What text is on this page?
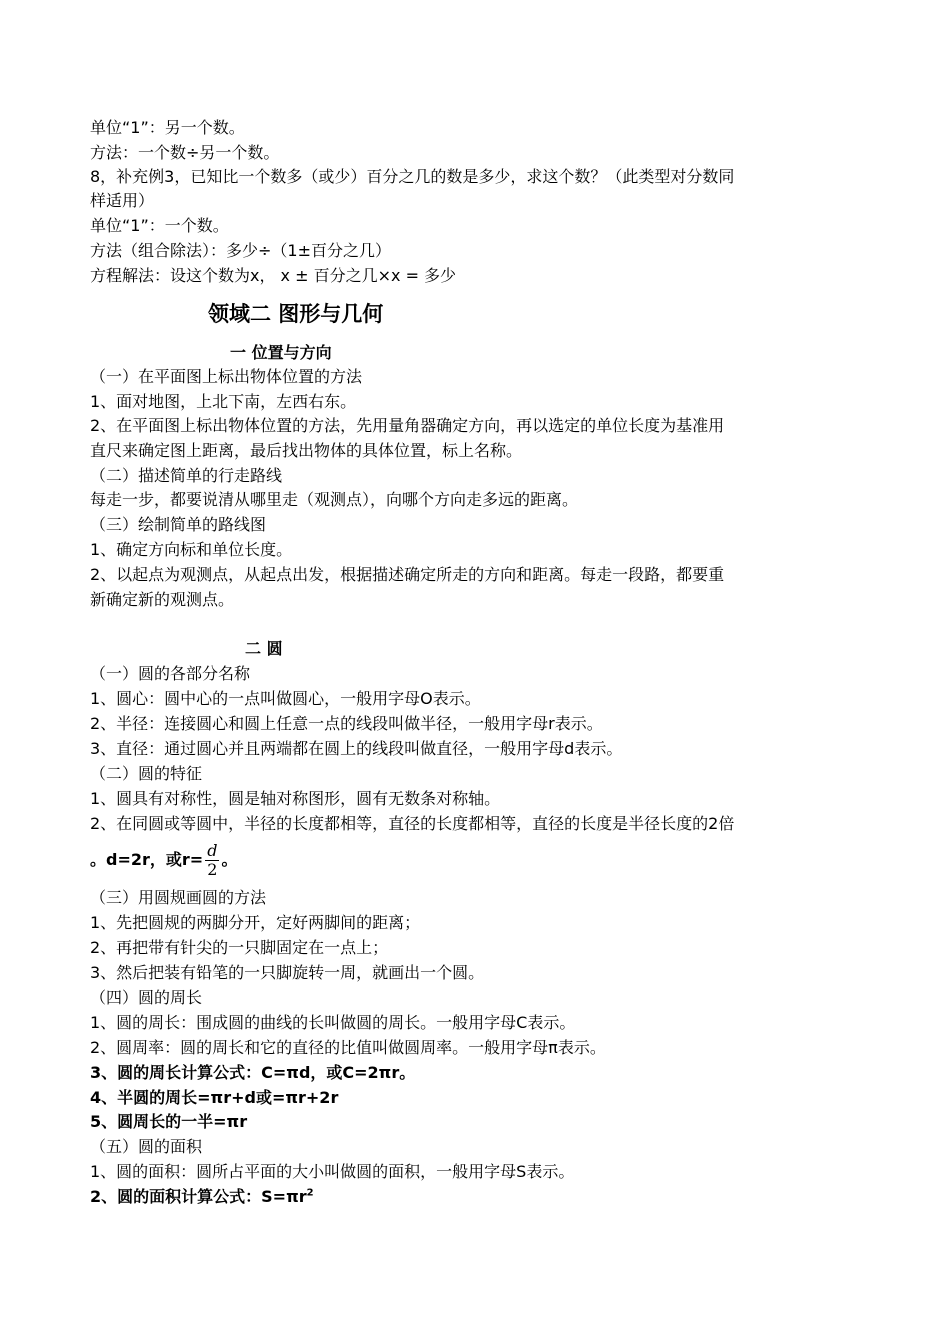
单位“1”：另一个数。
方法：一个数÷另一个数。
8，补充例3，已知比一个数多（或少）百分之几的数是多少，求这个数？（此类型对分数同
样适用）
单位“1”：一个数。
方法（组合除法）：多少÷（1±百分之几）
方程解法：设这个数为x， x ± 百分之几×x = 多少
领域二 图形与几何
一 位置与方向
（一）在平面图上标出物体位置的方法
1、面对地图，上北下南，左西右东。
2、在平面图上标出物体位置的方法，先用量角器确定方向，再以选定的单位长度为基准用
直尺来确定图上距离，最后找出物体的具体位置，标上名称。
（二）描述简单的行走路线
每走一步，都要说清从哪里走（观测点），向哪个方向走多远的距离。
（三）绘制简单的路线图
1、确定方向标和单位长度。
2、以起点为观测点，从起点出发，根据描述确定所走的方向和距离。每走一段路，都要重
新确定新的观测点。
二 圆
（一）圆的各部分名称
1、圆心：圆中心的一点叫做圆心，一般用字母O表示。
2、半径：连接圆心和圆上任意一点的线段叫做半径，一般用字母r表示。
3、直径：通过圆心并且两端都在圆上的线段叫做直径，一般用字母d表示。
（二）圆的特征
1、圆具有对称性，圆是轴对称图形，圆有无数条对称轴。
2、在同圆或等圆中，半径的长度都相等，直径的长度都相等，直径的长度是半径长度的2倍
。d=2r，或$r= \frac{d}{2}$ 。
（三）用圆规画圆的方法
1、先把圆规的两脚分开，定好两脚间的距离；
2、再把带有针尖的一只脚固定在一点上；
3、然后把装有铅笔的一只脚旋转一周，就画出一个圆。
（四）圆的周长
1、圆的周长：围成圆的曲线的长叫做圆的周长。一般用字母C表示。
2、圆周率：圆的周长和它的直径的比值叫做圆周率。一般用字母π表示。
3、圆的周长计算公式：C=πd，或C=2πr。
4、半圆的周长=πr+d或=πr+2r
5、圆周长的一半=πr
（五）圆的面积
1、圆的面积：圆所占平面的大小叫做圆的面积，一般用字母S表示。
2、圆的面积计算公式：$S=\pi r^2$
